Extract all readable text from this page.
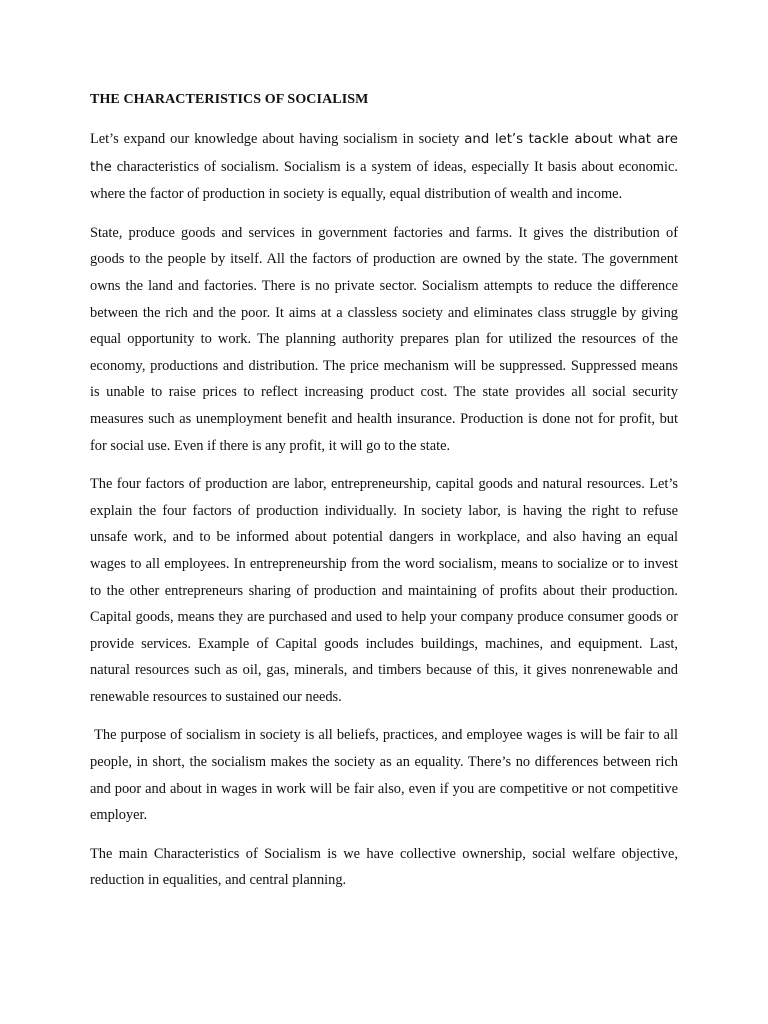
THE CHARACTERISTICS OF SOCIALISM

Let’s expand our knowledge about having socialism in society and let’s tackle about what are the characteristics of socialism. Socialism is a system of ideas, especially It basis about economic. where the factor of production in society is equally, equal distribution of wealth and income.

State, produce goods and services in government factories and farms. It gives the distribution of goods to the people by itself. All the factors of production are owned by the state. The government owns the land and factories. There is no private sector. Socialism attempts to reduce the difference between the rich and the poor. It aims at a classless society and eliminates class struggle by giving equal opportunity to work. The planning authority prepares plan for utilized the resources of the economy, productions and distribution. The price mechanism will be suppressed. Suppressed means is unable to raise prices to reflect increasing product cost. The state provides all social security measures such as unemployment benefit and health insurance. Production is done not for profit, but for social use. Even if there is any profit, it will go to the state.

The four factors of production are labor, entrepreneurship, capital goods and natural resources. Let’s explain the four factors of production individually. In society labor, is having the right to refuse unsafe work, and to be informed about potential dangers in workplace, and also having an equal wages to all employees. In entrepreneurship from the word socialism, means to socialize or to invest to the other entrepreneurs sharing of production and maintaining of profits about their production. Capital goods, means they are purchased and used to help your company produce consumer goods or provide services. Example of Capital goods includes buildings, machines, and equipment. Last, natural resources such as oil, gas, minerals, and timbers because of this, it gives nonrenewable and renewable resources to sustained our needs.

The purpose of socialism in society is all beliefs, practices, and employee wages is will be fair to all people, in short, the socialism makes the society as an equality. There’s no differences between rich and poor and about in wages in work will be fair also, even if you are competitive or not competitive employer.

The main Characteristics of Socialism is we have collective ownership, social welfare objective, reduction in equalities, and central planning.
